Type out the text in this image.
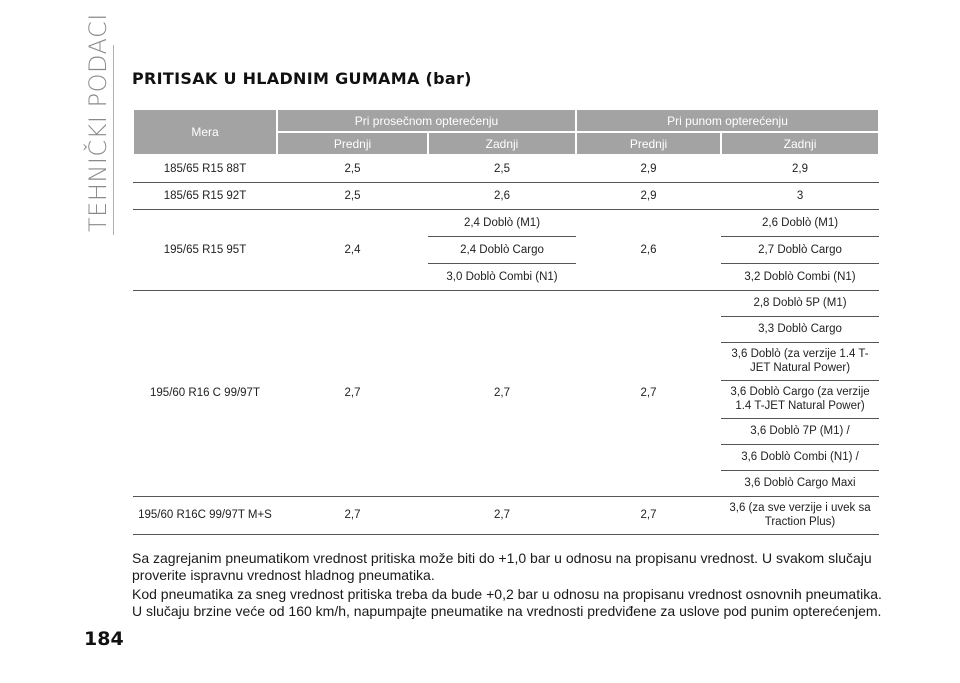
TEHNIČKI PODACI PRITISAK U HLADNIM GUMAMA (bar)
Mera	Pri prosečnom opterećenju		Pri punom opterećenju	
	Prednji	Zadnji	Prednji	Zadnji
185/65 R15 88T	2,5	2,5	2,9	2,9
185/65 R15 92T	2,5	2,6	2,9	3
195/65 R15 95T	2,4	2,4 Doblò (M1)	2,6	2,6 Doblò (M1)
		2,4 Doblò Cargo		2,7 Doblò Cargo
		3,0 Doblò Combi (N1)		3,2 Doblò Combi (N1)
195/60 R16 C 99/97T	2,7	2,7	2,7	2,8 Doblò 5P (M1)
				3,3 Doblò Cargo
				3,6 Doblò (za verzije 1.4 T-JET Natural Power)
				3,6 Doblò Cargo (za verzije 1.4 T-JET Natural Power)
				3,6 Doblò 7P (M1) /
				3,6 Doblò Combi (N1) /
				3,6 Doblò Cargo Maxi
195/60 R16C 99/97T M+S	2,7	2,7	2,7	3,6 (za sve verzije i uvek sa Traction Plus)

Sa zagrejanim pneumatikom vrednost pritiska može biti do +1,0 bar u odnosu na propisanu vrednost. U svakom slučaju proverite ispravnu vrednost hladnog pneumatika.

Kod pneumatika za sneg vrednost pritiska treba da bude +0,2 bar u odnosu na propisanu vrednost osnovnih pneumatika. U slučaju brzine veće od 160 km/h, napumpajte pneumatike na vrednosti predviđene za uslove pod punim opterećenjem.

184
